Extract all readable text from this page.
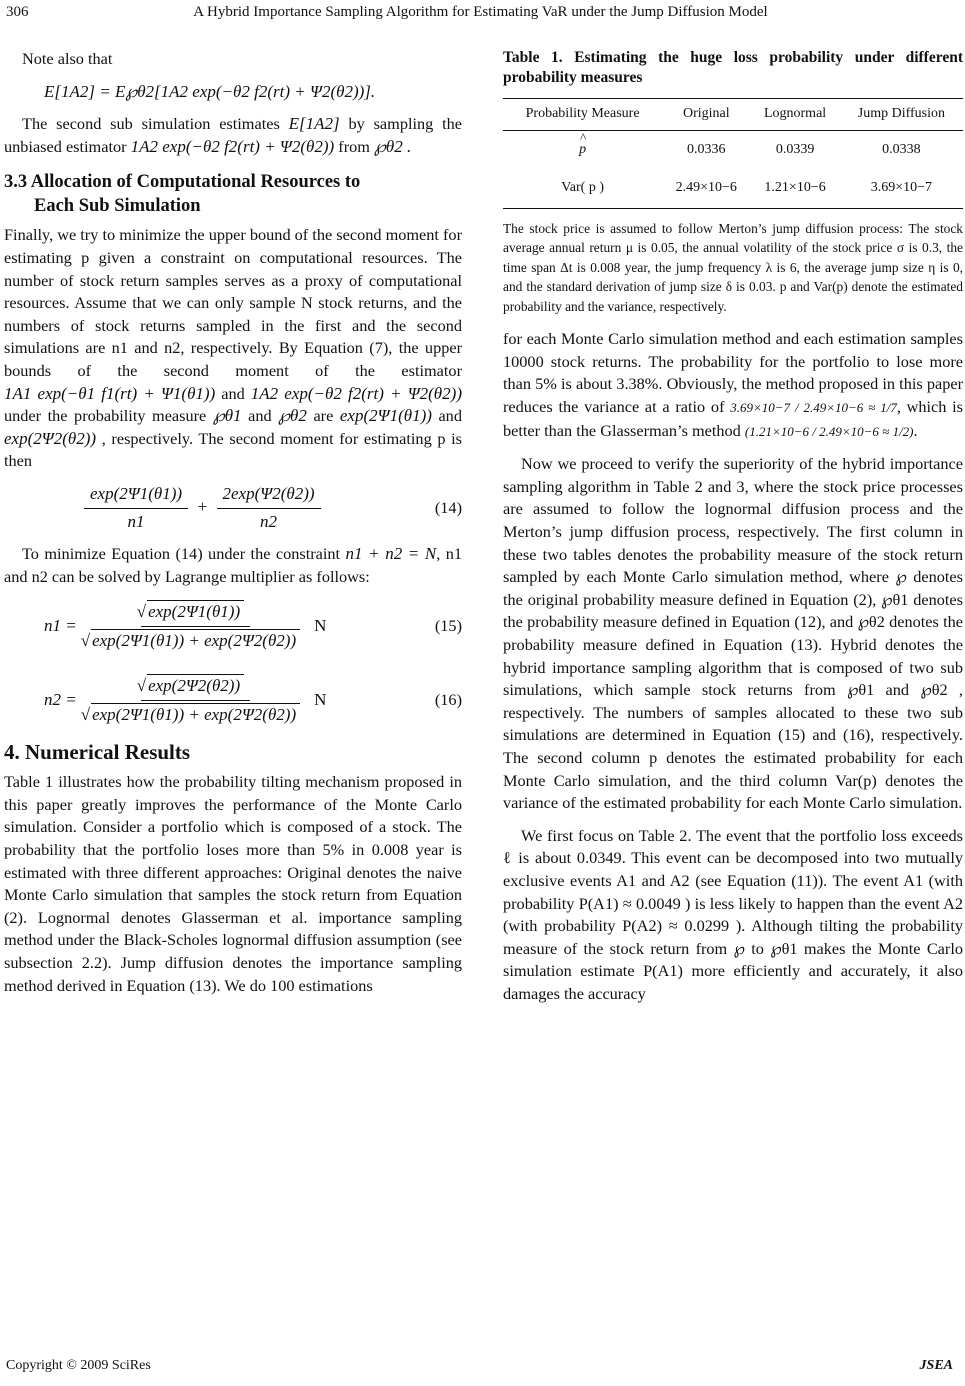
306	A Hybrid Importance Sampling Algorithm for Estimating VaR under the Jump Diffusion Model

Note also that

E[1A2] = E℘θ2[1A2 exp(−θ2 f2(rt) + Ψ2(θ2))].

The second sub simulation estimates E[1A2] by sampling the unbiased estimator 1A2 exp(−θ2 f2(rt) + Ψ2(θ2)) from ℘θ2 .

3.3 Allocation of Computational Resources to
Each Sub Simulation

Finally, we try to minimize the upper bound of the second moment for estimating p given a constraint on computational resources. The number of stock return samples serves as a proxy of computational resources. Assume that we can only sample N stock returns, and the numbers of stock returns sampled in the first and the second simulations are n1 and n2, respectively. By Equation (7), the upper bounds of the second moment of the estimator 1A1 exp(−θ1 f1(rt) + Ψ1(θ1)) and 1A2 exp(−θ2 f2(rt) + Ψ2(θ2)) under the probability measure ℘θ1 and ℘θ2 are exp(2Ψ1(θ1)) and exp(2Ψ2(θ2)) , respectively. The second moment for estimating p is then

$\frac{\exp(2\Psi 1(\theta 1))}{n1} + \frac{2\exp(\Psi 2(\theta 2))}{n2}$	(14)

To minimize Equation (14) under the constraint n1 + n2 = N, n1 and n2 can be solved by Lagrange multiplier as follows:

n1 = √ exp(2Ψ1(θ1))
√ exp(2Ψ1(θ1)) + exp(2Ψ2(θ2)) N	(15)
n2 = √ exp(2Ψ2(θ2))
√ exp(2Ψ1(θ1)) + exp(2Ψ2(θ2)) N	(16)
4. Numerical Results

Table 1 illustrates how the probability tilting mechanism proposed in this paper greatly improves the performance of the Monte Carlo simulation. Consider a portfolio which is composed of a stock. The probability that the portfolio loses more than 5% in 0.008 year is estimated with three different approaches: Original denotes the naive Monte Carlo simulation that samples the stock return from Equation (2). Lognormal denotes Glasserman et al. importance sampling method under the Black-Scholes lognormal diffusion assumption (see subsection 2.2). Jump diffusion denotes the importance sampling method derived in Equation (13). We do 100 estimations

Table 1. Estimating the huge loss probability under different probability measures
Probability Measure	Original	Lognormal	Jump Diffusion
^ p	0.0336	0.0339	0.0338
Var( p )	2.49×10−6	1.21×10−6	3.69×10−7
The stock price is assumed to follow Merton’s jump diffusion process: The stock average annual return μ is 0.05, the annual volatility of the stock price σ is 0.3, the time span Δt is 0.008 year, the jump frequency λ is 6, the average jump size η is 0, and the standard derivation of jump size δ is 0.03. p and Var(p) denote the estimated probability and the variance, respectively.

for each Monte Carlo simulation method and each estimation samples 10000 stock returns. The probability for the portfolio to lose more than 5% is about 3.38%. Obviously, the method proposed in this paper reduces the variance at a ratio of 3.69×10−7 / 2.49×10−6 ≈ 1/7, which is better than the Glasserman’s method (1.21×10−6 / 2.49×10−6 ≈ 1/2).

Now we proceed to verify the superiority of the hybrid importance sampling algorithm in Table 2 and 3, where the stock price processes are assumed to follow the lognormal diffusion process and the Merton’s jump diffusion process, respectively. The first column in these two tables denotes the probability measure of the stock return sampled by each Monte Carlo simulation method, where ℘ denotes the original probability measure defined in Equation (2), ℘θ1 denotes the probability measure defined in Equation (12), and ℘θ2 denotes the probability measure defined in Equation (13). Hybrid denotes the hybrid importance sampling algorithm that is composed of two sub simulations, which sample stock returns from ℘θ1 and ℘θ2 , respectively. The numbers of samples allocated to these two sub simulations are determined in Equation (15) and (16), respectively. The second column p denotes the estimated probability for each Monte Carlo simulation, and the third column Var(p) denotes the variance of the estimated probability for each Monte Carlo simulation.

We first focus on Table 2. The event that the portfolio loss exceeds ℓ is about 0.0349. This event can be decomposed into two mutually exclusive events A1 and A2 (see Equation (11)). The event A1 (with probability P(A1) ≈ 0.0049 ) is less likely to happen than the event A2 (with probability P(A2) ≈ 0.0299 ). Although tilting the probability measure of the stock return from ℘ to ℘θ1 makes the Monte Carlo simulation estimate P(A1) more efficiently and accurately, it also damages the accuracy

Copyright © 2009 SciRes	JSEA
